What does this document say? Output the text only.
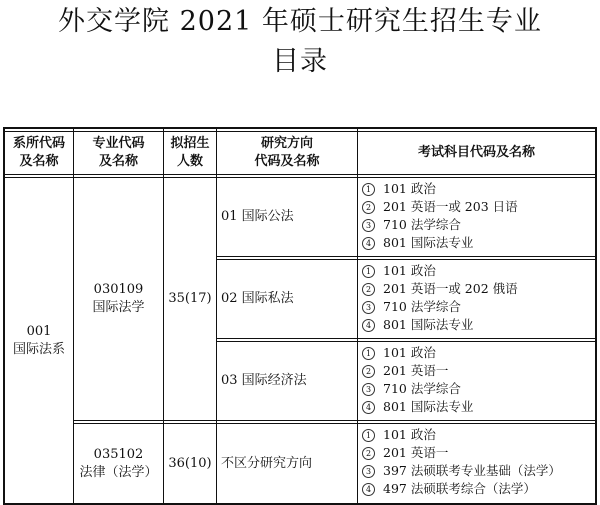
外交学院 2021 年硕士研究生招生专业
目录
系所代码
及名称
专业代码
及名称
拟招生
人数
研究方向
代码及名称
考试科目代码及名称
001
国际法系
030109
国际法学
35(17)
035102
法律（法学）
36(10)
01 国际公法
02 国际私法
03 国际经济法
不区分研究方向
1 101 政治
2 201 英语一或 203 日语
3 710 法学综合
4 801 国际法专业
1 101 政治
2 201 英语一或 202 俄语
3 710 法学综合
4 801 国际法专业
1 101 政治
2 201 英语一
3 710 法学综合
4 801 国际法专业
1 101 政治
2 201 英语一
3 397 法硕联考专业基础（法学）
4 497 法硕联考综合（法学）
